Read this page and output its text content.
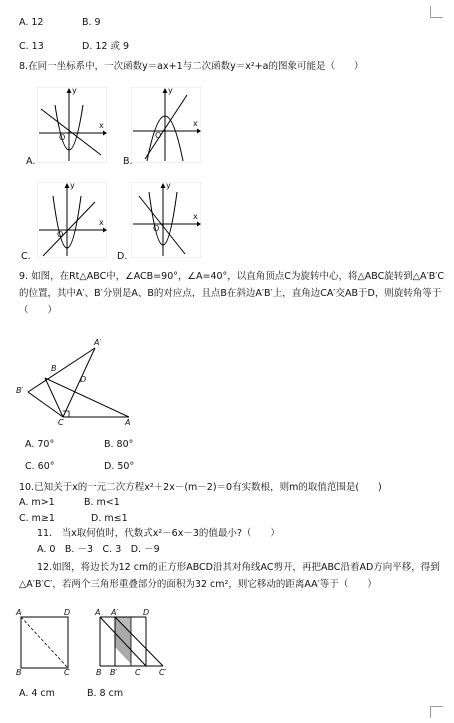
A. 12	B. 9
C. 13	D. 12 或 9
8.在同一坐标系中，一次函数y＝ax+1与二次函数y＝x²+a的图象可能是（　　）
y
x
O
A.
y
x
O
B.
y
x
O
C.
y
x
O
D.
9. 如图，在Rt△ABC中，∠ACB=90°，∠A=40°，以直角顶点C为旋转中心，将△ABC旋转到△A′B′C的位置，其中A′、B′分别是A、B的对应点，且点B在斜边A′B′上，直角边CA′交AB于D，则旋转角等于（　　）
A′
B
D
B′
C	A
A. 70°	B. 80°
C. 60°	D. 50°
10.已知关于x的一元二次方程x²＋2x－(m－2)＝0有实数根，则m的取值范围是(　　)
A. m>1	B. m<1
C. m≥1	D. m≤1
11． 当x取何值时，代数式x²－6x－3的值最小?（　　）
A. 0　B. －3　C. 3　D. －9
12.如图，将边长为12 cm的正方形ABCD沿其对角线AC剪开，再把ABC沿着AD方向平移，得到△A′B′C′，若两个三角形重叠部分的面积为32 cm²，则它移动的距离AA′等于（　　）
A	D
B	C
A A′	D
B B′ C C′
A. 4 cm	B. 8 cm
